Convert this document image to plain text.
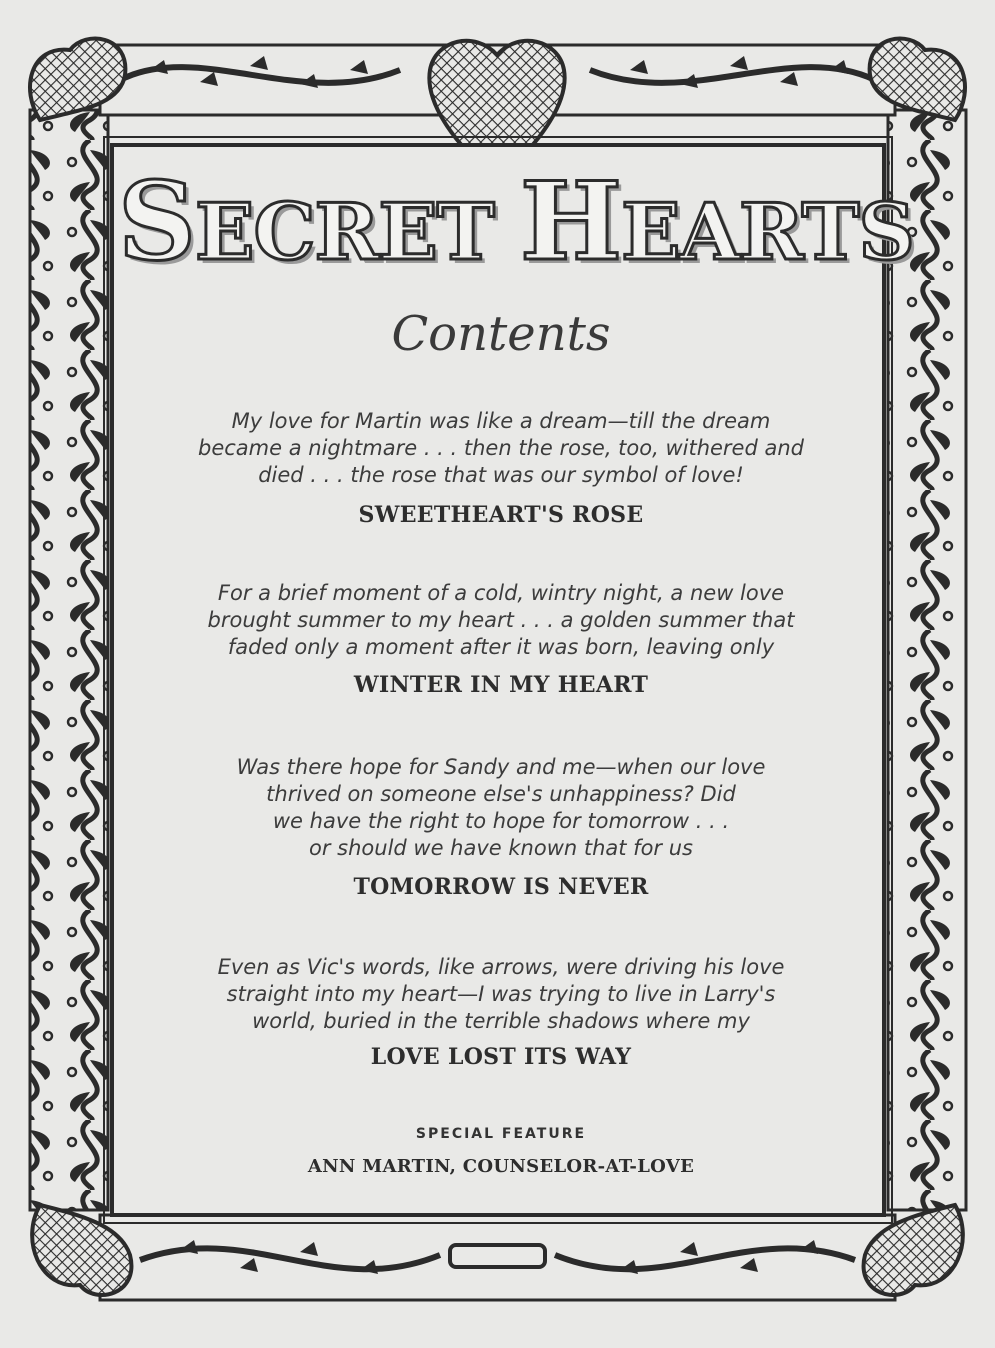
SECRET HEARTS
Contents
My love for Martin was like a dream—till the dream
became a nightmare . . . then the rose, too, withered and
died . . . the rose that was our symbol of love!
SWEETHEART'S ROSE
For a brief moment of a cold, wintry night, a new love
brought summer to my heart . . . a golden summer that
faded only a moment after it was born, leaving only
WINTER IN MY HEART
Was there hope for Sandy and me—when our love
thrived on someone else's unhappiness? Did
we have the right to hope for tomorrow . . .
or should we have known that for us
TOMORROW IS NEVER
Even as Vic's words, like arrows, were driving his love
straight into my heart—I was trying to live in Larry's
world, buried in the terrible shadows where my
LOVE LOST ITS WAY
SPECIAL FEATURE
ANN MARTIN, COUNSELOR-AT-LOVE
